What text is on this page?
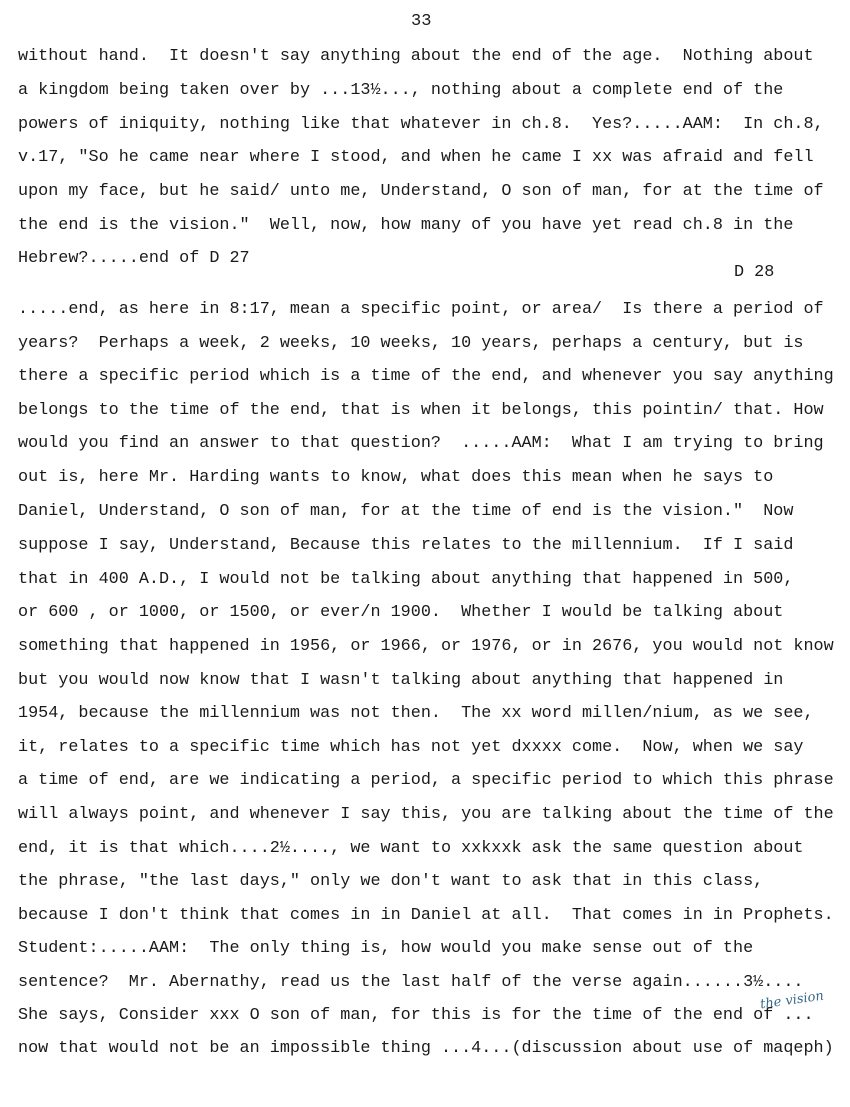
33
D 28
the vision
without hand.  It doesn't say anything about the end of the age.  Nothing about
a kingdom being taken over by ...13½..., nothing about a complete end of the
powers of iniquity, nothing like that whatever in ch.8.  Yes?.....AAM:  In ch.8,
v.17, "So he came near where I stood, and when he came I xx was afraid and fell
upon my face, but he said/ unto me, Understand, O son of man, for at the time of
the end is the vision."  Well, now, how many of you have yet read ch.8 in the
Hebrew?.....end of D 27
.....end, as here in 8:17, mean a specific point, or area/  Is there a period of
years?  Perhaps a week, 2 weeks, 10 weeks, 10 years, perhaps a century, but is
there a specific period which is a time of the end, and whenever you say anything
belongs to the time of the end, that is when it belongs, this pointin/ that. How
would you find an answer to that question?  .....AAM:  What I am trying to bring
out is, here Mr. Harding wants to know, what does this mean when he says to
Daniel, Understand, O son of man, for at the time of end is the vision."  Now
suppose I say, Understand, Because this relates to the millennium.  If I said
that in 400 A.D., I would not be talking about anything that happened in 500,
or 600 , or 1000, or 1500, or ever/n 1900.  Whether I would be talking about
something that happened in 1956, or 1966, or 1976, or in 2676, you would not know
but you would now know that I wasn't talking about anything that happened in
1954, because the millennium was not then.  The xx word millen/nium, as we see,
it, relates to a specific time which has not yet dxxxx come.  Now, when we say
a time of end, are we indicating a period, a specific period to which this phrase
will always point, and whenever I say this, you are talking about the time of the
end, it is that which....2½...., we want to xxkxxk ask the same question about
the phrase, "the last days," only we don't want to ask that in this class,
because I don't think that comes in in Daniel at all.  That comes in in Prophets.
Student:.....AAM:  The only thing is, how would you make sense out of the
sentence?  Mr. Abernathy, read us the last half of the verse again......3½....
She says, Consider xxx O son of man, for this is for the time of the end of ...
now that would not be an impossible thing ...4...(discussion about use of maqeph)
